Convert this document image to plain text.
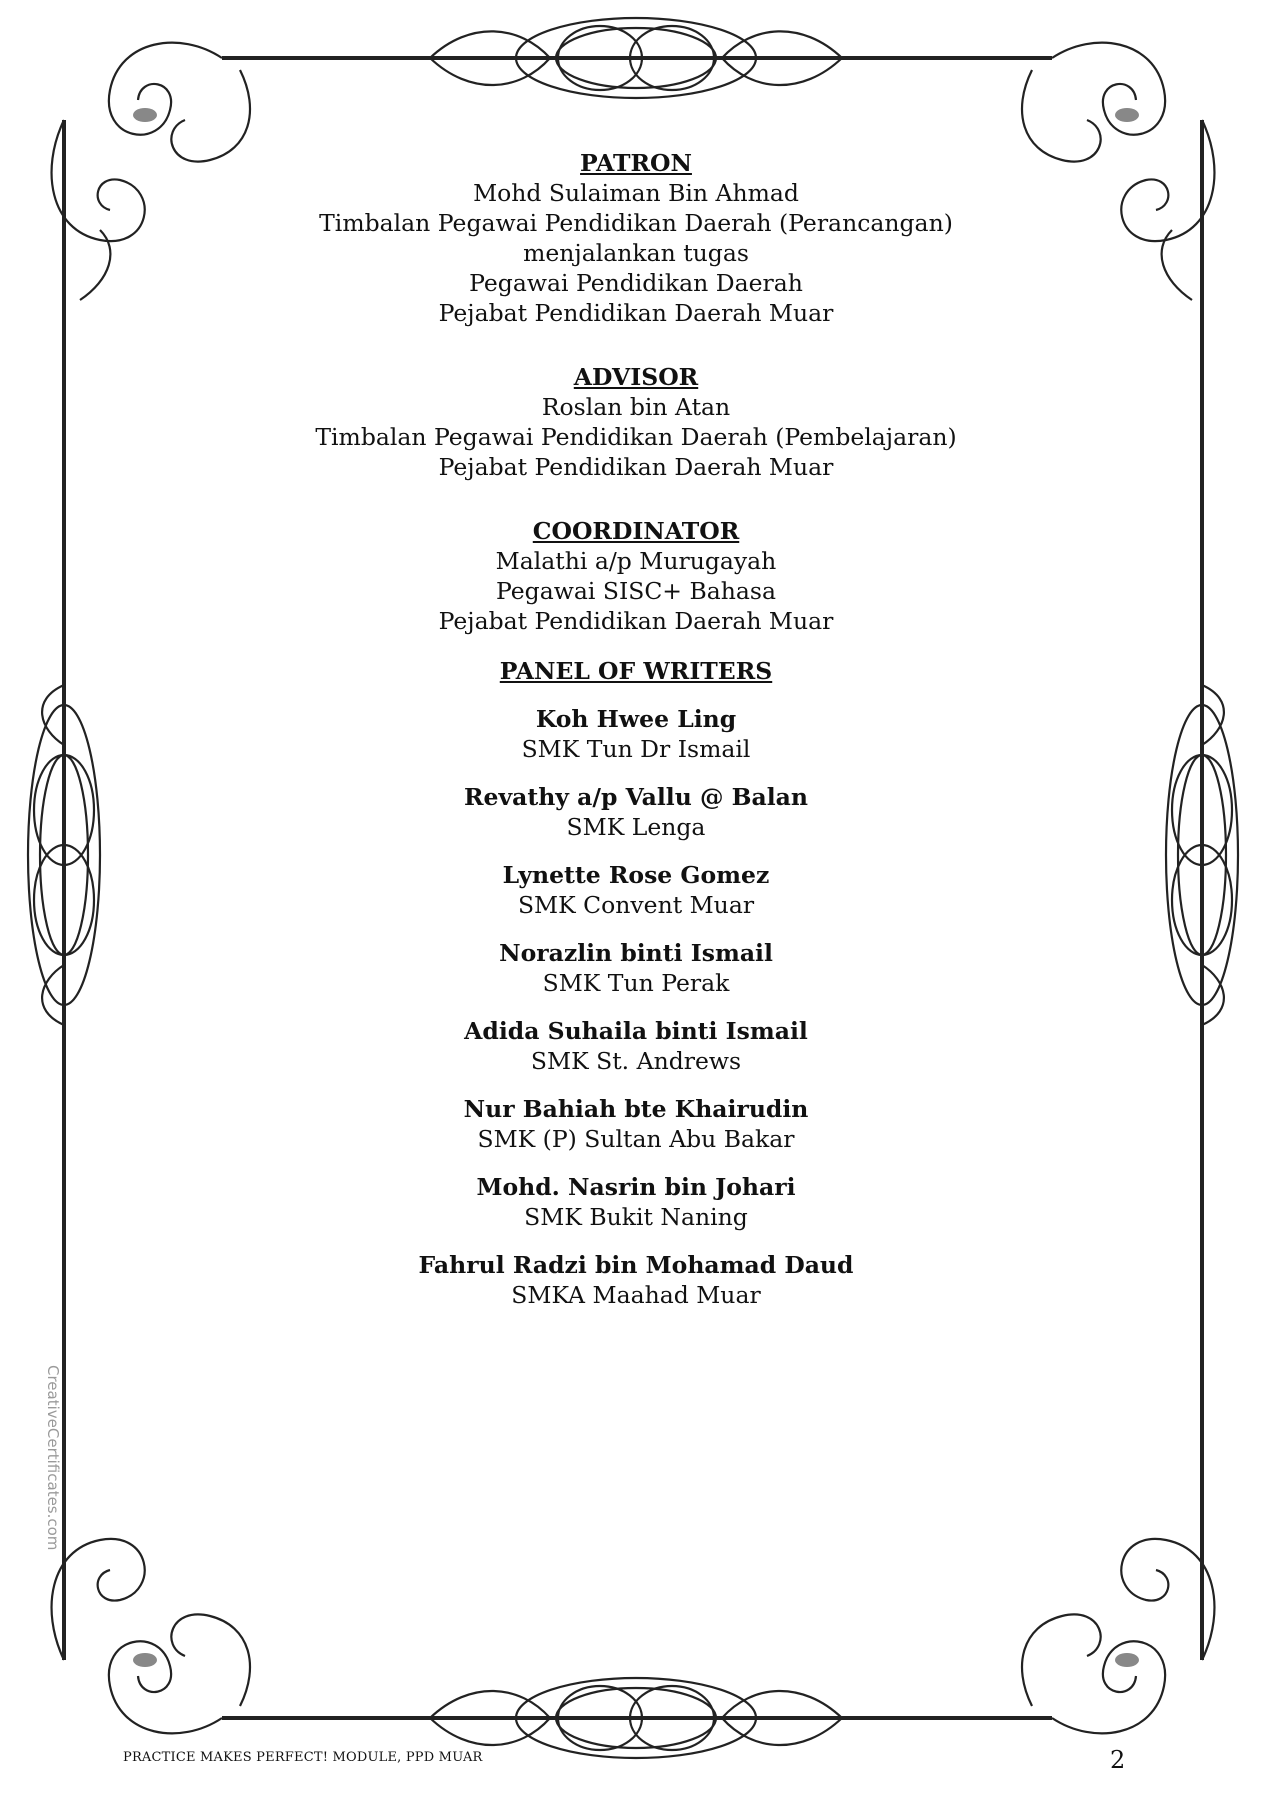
PATRON
Mohd Sulaiman Bin Ahmad
Timbalan Pegawai Pendidikan Daerah (Perancangan)
menjalankan tugas
Pegawai Pendidikan Daerah
Pejabat Pendidikan Daerah Muar
ADVISOR
Roslan bin Atan
Timbalan Pegawai Pendidikan Daerah (Pembelajaran)
Pejabat Pendidikan Daerah Muar
COORDINATOR
Malathi a/p Murugayah
Pegawai SISC+ Bahasa
Pejabat Pendidikan Daerah Muar
PANEL OF WRITERS
Koh Hwee Ling
SMK Tun Dr Ismail
Revathy a/p Vallu @ Balan
SMK Lenga
Lynette Rose Gomez
SMK Convent Muar
Norazlin binti Ismail
SMK Tun Perak
Adida Suhaila binti Ismail
SMK St. Andrews
Nur Bahiah bte Khairudin
SMK (P) Sultan Abu Bakar
Mohd. Nasrin bin Johari
SMK Bukit Naning
Fahrul Radzi bin Mohamad Daud
SMKA Maahad Muar
CreativeCertificates.com
PRACTICE MAKES PERFECT! MODULE, PPD MUAR	2
